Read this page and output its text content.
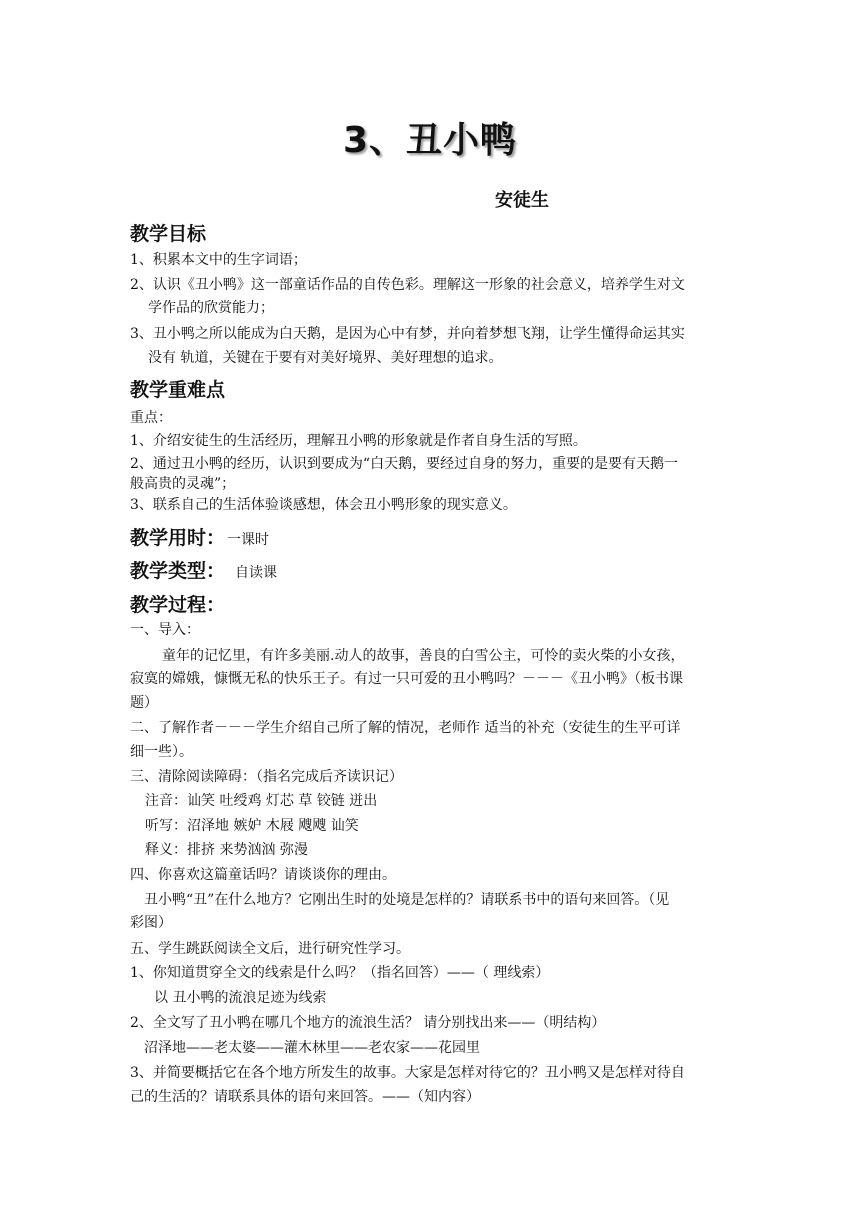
3、丑小鸭
安徒生
教学目标
1、积累本文中的生字词语；
2、认识《丑小鸭》这一部童话作品的自传色彩。理解这一形象的社会意义，培养学生对文
学作品的欣赏能力；
3、丑小鸭之所以能成为白天鹅，是因为心中有梦，并向着梦想飞翔，让学生懂得命运其实
没有 轨道，关键在于要有对美好境界、美好理想的追求。
教学重难点
重点：
1、介绍安徒生的生活经历，理解丑小鸭的形象就是作者自身生活的写照。
2、通过丑小鸭的经历，认识到要成为“白天鹅，要经过自身的努力，重要的是要有天鹅一
般高贵的灵魂”；
3、联系自己的生活体验谈感想，体会丑小鸭形象的现实意义。
教学用时： 一课时
教学类型： 自读课
教学过程：
一、导入：
童年的记忆里，有许多美丽.动人的故事，善良的白雪公主，可怜的卖火柴的小女孩，
寂寞的嫦娥，慷慨无私的快乐王子。有过一只可爱的丑小鸭吗？－－－《丑小鸭》（板书课
题）
二、了解作者－－－学生介绍自己所了解的情况，老师作 适当的补充（安徒生的生平可详
细一些）。
三、清除阅读障碍：（指名完成后齐读识记）
注音：讪笑 吐绶鸡 灯芯 草 铰链 迸出
听写：沼泽地 嫉妒 木屐 飕飕 讪笑
释义：排挤 来势汹汹 弥漫
四、你喜欢这篇童话吗？请谈谈你的理由。
丑小鸭“丑”在什么地方？它刚出生时的处境是怎样的？请联系书中的语句来回答。（见
彩图）
五、学生跳跃阅读全文后，进行研究性学习。
1、你知道贯穿全文的线索是什么吗？（指名回答）——（ 理线索）
以 丑小鸭的流浪足迹为线索
2、全文写了丑小鸭在哪几个地方的流浪生活？ 请分别找出来——（明结构）
沼泽地——老太婆——灌木林里——老农家——花园里
3、并简要概括它在各个地方所发生的故事。大家是怎样对待它的？丑小鸭又是怎样对待自
己的生活的？请联系具体的语句来回答。——（知内容）
